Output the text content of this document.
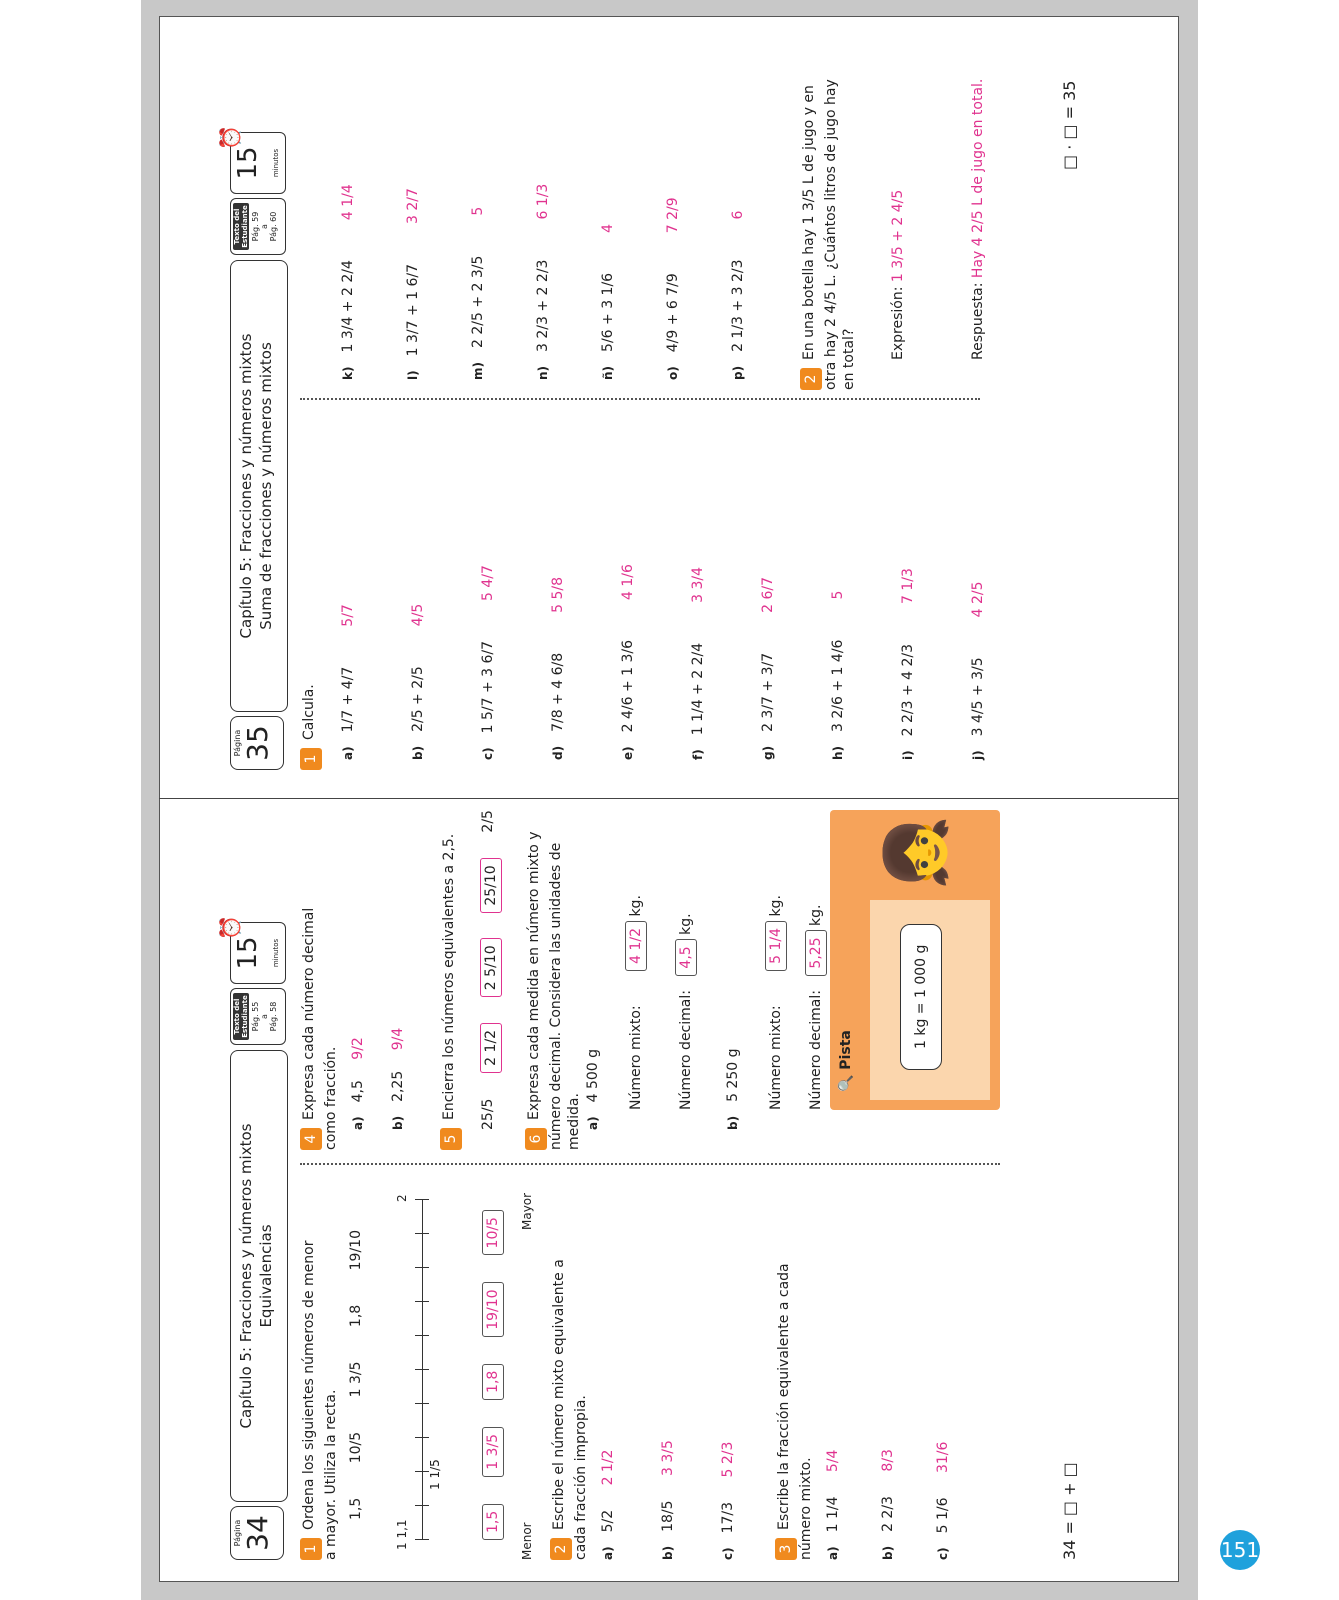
151
Página 34
Capítulo 5: Fracciones y números mixtos Equivalencias
Texto del Estudiante Pág. 55 a Pág. 58
15 minutos
⏰
1Ordena los siguientes números de menor a mayor. Utiliza la recta. 1,5
10/5
1 3/5
1,8
19/10
1 1,1
2
1 1/5
1,5
1 3/5
1,8
19/10
10/5
Menor
Mayor
2Escribe el número mixto equivalente a cada fracción impropia. a)5/2 2 1/2
b)18/5 3 3/5
c)17/3 5 2/3
3Escribe la fracción equivalente a cada número mixto. a)1 1/4 5/4
b)2 2/3 8/3
c)5 1/6 31/6
34 = □ + □
4Expresa cada número decimal como fracción. a)4,5 9/2
b)2,25 9/4
5Encierra los números equivalentes a 2,5.	25/5
2 1/2
2 5/10
25/10
2/5
6Expresa cada medida en número mixto y número decimal. Considera las unidades de medida. a)4 500 g Número mixto: 4 1/2 kg.
Número decimal: 4,5 kg.
b)5 250 g Número mixto: 5 1/4 kg.
Número decimal: 5,25 kg.
🔍 Pista
1 kg = 1 000 g
👧
Página 35
Capítulo 5: Fracciones y números mixtos Suma de fracciones y números mixtos
Texto del Estudiante Pág. 59 a Pág. 60
15 minutos
⏰
1Calcula.
a)1/7 + 4/75/7
b)2/5 + 2/54/5
c)1 5/7 + 3 6/75 4/7
d)7/8 + 4 6/85 5/8
e)2 4/6 + 1 3/64 1/6
f)1 1/4 + 2 2/43 3/4
g)2 3/7 + 3/72 6/7
h)3 2/6 + 1 4/65
i)2 2/3 + 4 2/37 1/3
j)3 4/5 + 3/54 2/5
k)1 3/4 + 2 2/44 1/4
l)1 3/7 + 1 6/73 2/7
m)2 2/5 + 2 3/55
n)3 2/3 + 2 2/36 1/3
ñ)5/6 + 3 1/64
o)4/9 + 6 7/97 2/9
p)2 1/3 + 3 2/36
2En una botella hay 1 3/5 L de jugo y en otra hay 2 4/5 L. ¿Cuántos litros de jugo hay en total? Expresión: 1 3/5 + 2 4/5
Respuesta: Hay 4 2/5 L de jugo en total.	□ · □ = 35
